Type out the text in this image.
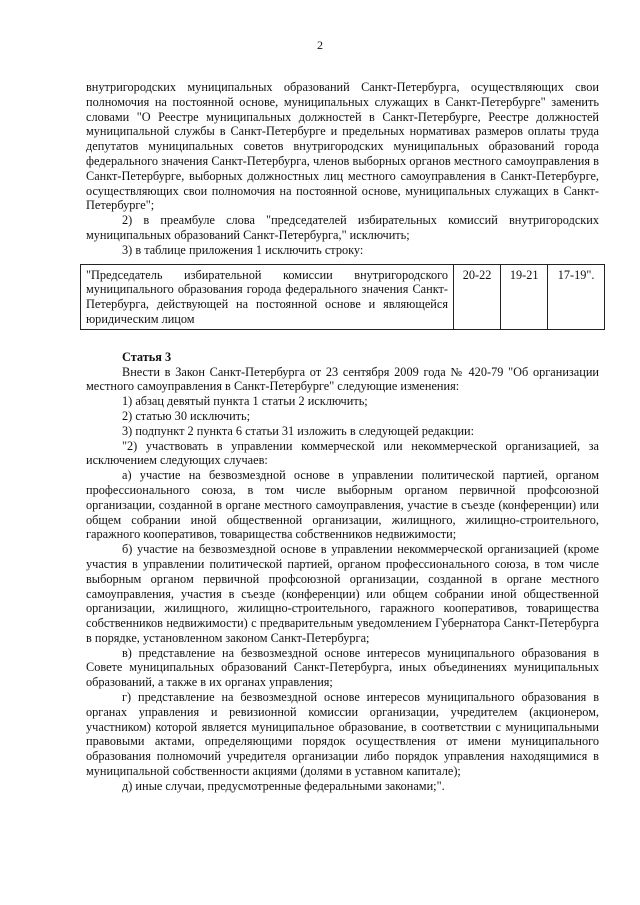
2

внутригородских муниципальных образований Санкт-Петербурга, осуществляющих свои полномочия на постоянной основе, муниципальных служащих в Санкт-Петербурге" заменить словами "О Реестре муниципальных должностей в Санкт-Петербурге, Реестре должностей муниципальной службы в Санкт-Петербурге и предельных нормативах размеров оплаты труда депутатов муниципальных советов внутригородских муниципальных образований города федерального значения Санкт-Петербурга, членов выборных органов местного самоуправления в Санкт-Петербурге, выборных должностных лиц местного самоуправления в Санкт-Петербурге, осуществляющих свои полномочия на постоянной основе, муниципальных служащих в Санкт-Петербурге";

2) в преамбуле слова "председателей избирательных комиссий внутригородских муниципальных образований Санкт-Петербурга," исключить;

3) в таблице приложения 1 исключить строку:

"Председатель избирательной комиссии внутригородского муниципального образования города федерального значения Санкт-Петербурга, действующей на постоянной основе и являющейся юридическим лицом	20-22	19-21	17-19".

Статья 3

Внести в Закон Санкт-Петербурга от 23 сентября 2009 года № 420-79 "Об организации местного самоуправления в Санкт-Петербурге" следующие изменения:

1) абзац девятый пункта 1 статьи 2 исключить;

2) статью 30 исключить;

3) подпункт 2 пункта 6 статьи 31 изложить в следующей редакции:

"2) участвовать в управлении коммерческой или некоммерческой организацией, за исключением следующих случаев:

а) участие на безвозмездной основе в управлении политической партией, органом профессионального союза, в том числе выборным органом первичной профсоюзной организации, созданной в органе местного самоуправления, участие в съезде (конференции) или общем собрании иной общественной организации, жилищного, жилищно-строительного, гаражного кооперативов, товарищества собственников недвижимости;

б) участие на безвозмездной основе в управлении некоммерческой организацией (кроме участия в управлении политической партией, органом профессионального союза, в том числе выборным органом первичной профсоюзной организации, созданной в органе местного самоуправления, участия в съезде (конференции) или общем собрании иной общественной организации, жилищного, жилищно-строительного, гаражного кооперативов, товарищества собственников недвижимости) с предварительным уведомлением Губернатора Санкт-Петербурга в порядке, установленном законом Санкт-Петербурга;

в) представление на безвозмездной основе интересов муниципального образования в Совете муниципальных образований Санкт-Петербурга, иных объединениях муниципальных образований, а также в их органах управления;

г) представление на безвозмездной основе интересов муниципального образования в органах управления и ревизионной комиссии организации, учредителем (акционером, участником) которой является муниципальное образование, в соответствии с муниципальными правовыми актами, определяющими порядок осуществления от имени муниципального образования полномочий учредителя организации либо порядок управления находящимися в муниципальной собственности акциями (долями в уставном капитале);

д) иные случаи, предусмотренные федеральными законами;".
